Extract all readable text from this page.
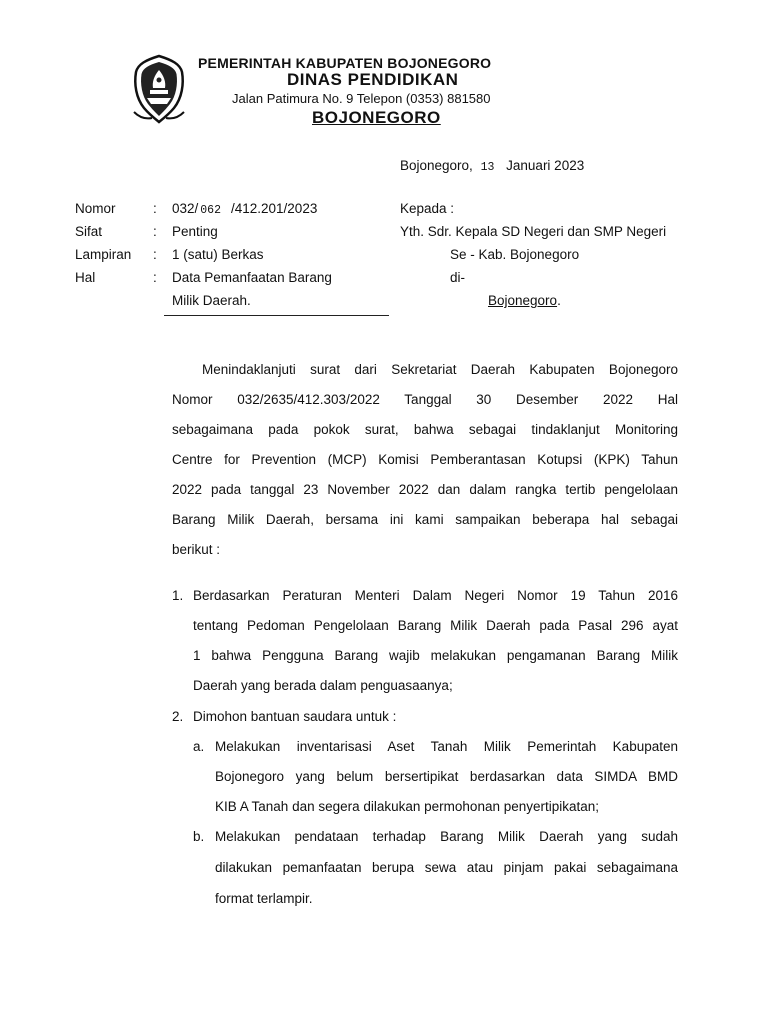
PEMERINTAH KABUPATEN BOJONEGORO
DINAS PENDIDIKAN
Jalan Patimura No. 9 Telepon (0353) 881580
BOJONEGORO
Bojonegoro, 13 Januari 2023
Nomor	: 032/ 062 /412.201/2023
Sifat	: Penting
Lampiran : 1 (satu) Berkas
Hal	: Data Pemanfaatan Barang
Milik Daerah.
Kepada :
Yth. Sdr. Kepala SD Negeri dan SMP Negeri
Se - Kab. Bojonegoro
di-
Bojonegoro.
Menindaklanjuti surat dari Sekretariat Daerah Kabupaten Bojonegoro
Nomor 032/2635/412.303/2022 Tanggal 30 Desember 2022 Hal
sebagaimana pada pokok surat, bahwa sebagai tindaklanjut Monitoring
Centre for Prevention (MCP) Komisi Pemberantasan Kotupsi (KPK) Tahun
2022 pada tanggal 23 November 2022 dan dalam rangka tertib pengelolaan
Barang Milik Daerah, bersama ini kami sampaikan beberapa hal sebagai
berikut :
1. Berdasarkan Peraturan Menteri Dalam Negeri Nomor 19 Tahun 2016
tentang Pedoman Pengelolaan Barang Milik Daerah pada Pasal 296 ayat
1 bahwa Pengguna Barang wajib melakukan pengamanan Barang Milik
Daerah yang berada dalam penguasaanya;
2. Dimohon bantuan saudara untuk :
a. Melakukan inventarisasi Aset Tanah Milik Pemerintah Kabupaten
Bojonegoro yang belum bersertipikat berdasarkan data SIMDA BMD
KIB A Tanah dan segera dilakukan permohonan penyertipikatan;
b. Melakukan pendataan terhadap Barang Milik Daerah yang sudah
dilakukan pemanfaatan berupa sewa atau pinjam pakai sebagaimana
format terlampir.
